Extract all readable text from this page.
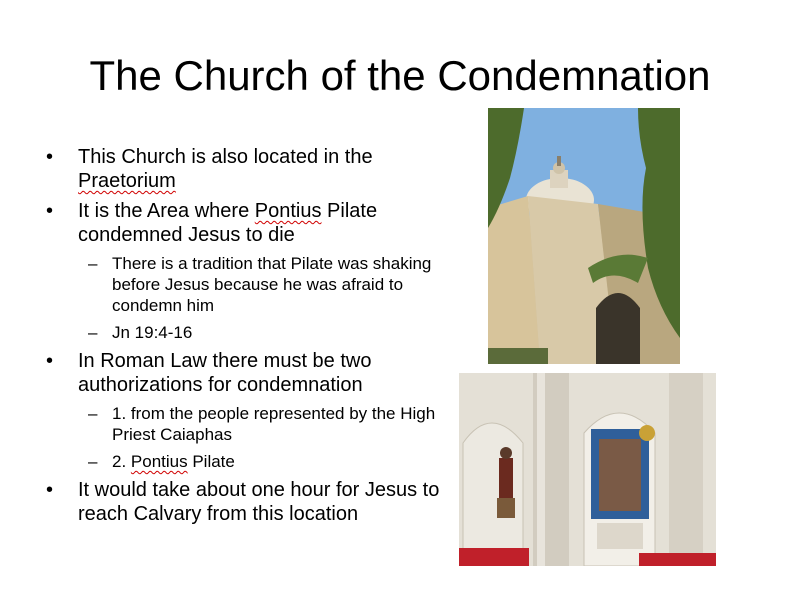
The Church of the Condemnation
• This Church is also located in the
Praetorium
• It is the Area where Pontius Pilate condemned Jesus to die
– There is a tradition that Pilate was shaking before Jesus because he was afraid to condemn him
– Jn 19:4-16
• In Roman Law there must be two authorizations for condemnation
– 1. from the people represented by the High Priest Caiaphas
– 2. Pontius Pilate
• It would take about one hour for Jesus to reach Calvary from this location
